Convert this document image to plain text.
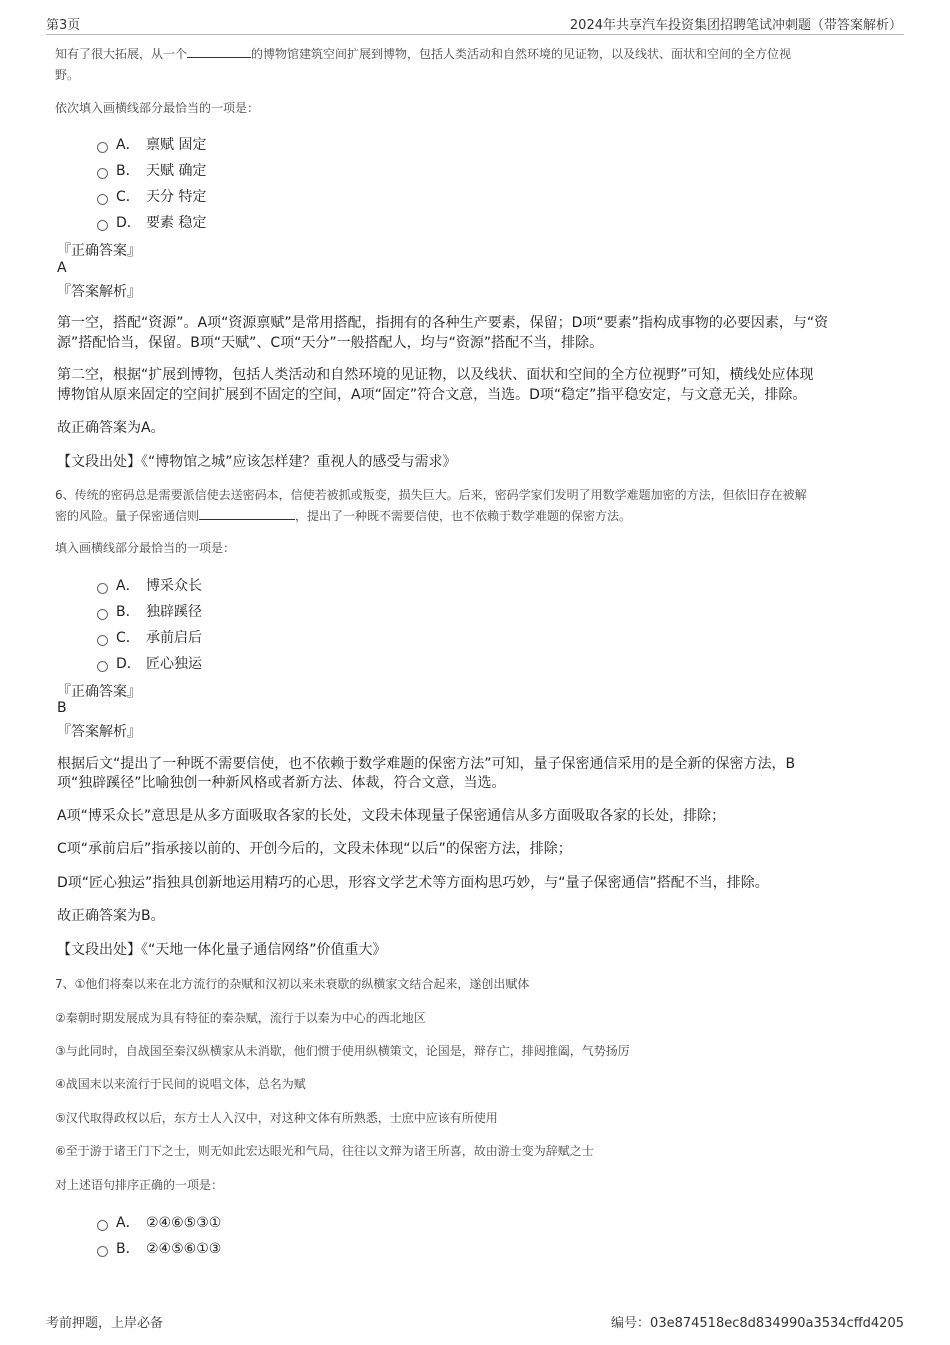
第3页	2024年共享汽车投资集团招聘笔试冲刺题（带答案解析）
知有了很大拓展，从一个	的博物馆建筑空间扩展到博物，包括人类活动和自然环境的见证物，以及线状、面状和空间的全方位视
野。
依次填入画横线部分最恰当的一项是：
A． 禀赋 固定
B． 天赋 确定
C． 天分 特定
D． 要素 稳定
『正确答案』
A
『答案解析』
第一空，搭配“资源”。A项“资源禀赋”是常用搭配，指拥有的各种生产要素，保留；D项“要素”指构成事物的必要因素，与“资
源”搭配恰当，保留。B项“天赋”、C项“天分”一般搭配人，均与“资源”搭配不当，排除。
第二空，根据“扩展到博物，包括人类活动和自然环境的见证物，以及线状、面状和空间的全方位视野”可知，横线处应体现
博物馆从原来固定的空间扩展到不固定的空间，A项“固定”符合文意，当选。D项“稳定”指平稳安定，与文意无关，排除。
故正确答案为A。
【文段出处】《“博物馆之城”应该怎样建？重视人的感受与需求》
6、传统的密码总是需要派信使去送密码本，信使若被抓或叛变，损失巨大。后来，密码学家们发明了用数学难题加密的方法，但依旧存在被解
密的风险。量子保密通信则	，提出了一种既不需要信使，也不依赖于数学难题的保密方法。
填入画横线部分最恰当的一项是：
A． 博采众长
B． 独辟蹊径
C． 承前启后
D． 匠心独运
『正确答案』
B
『答案解析』
根据后文“提出了一种既不需要信使，也不依赖于数学难题的保密方法”可知，量子保密通信采用的是全新的保密方法，B
项“独辟蹊径”比喻独创一种新风格或者新方法、体裁，符合文意，当选。
A项“博采众长”意思是从多方面吸取各家的长处，文段未体现量子保密通信从多方面吸取各家的长处，排除；
C项“承前启后”指承接以前的、开创今后的，文段未体现“以后”的保密方法，排除；
D项“匠心独运”指独具创新地运用精巧的心思，形容文学艺术等方面构思巧妙，与“量子保密通信”搭配不当，排除。
故正确答案为B。
【文段出处】《“天地一体化量子通信网络”价值重大》
7、①他们将秦以来在北方流行的杂赋和汉初以来未衰歇的纵横家文结合起来，遂创出赋体
②秦朝时期发展成为具有特征的秦杂赋，流行于以秦为中心的西北地区
③与此同时，自战国至秦汉纵横家从未消歇，他们惯于使用纵横策文，论国是，辩存亡，排闼推阖，气势扬厉
④战国末以来流行于民间的说唱文体，总名为赋
⑤汉代取得政权以后，东方士人入汉中，对这种文体有所熟悉，士庶中应该有所使用
⑥至于游于诸王门下之士，则无如此宏达眼光和气局，往往以文辩为诸王所喜，故由游士变为辞赋之士
对上述语句排序正确的一项是：
A． ②④⑥⑤③①
B． ②④⑤⑥①③
考前押题，上岸必备	编号：03e874518ec8d834990a3534cffd4205
